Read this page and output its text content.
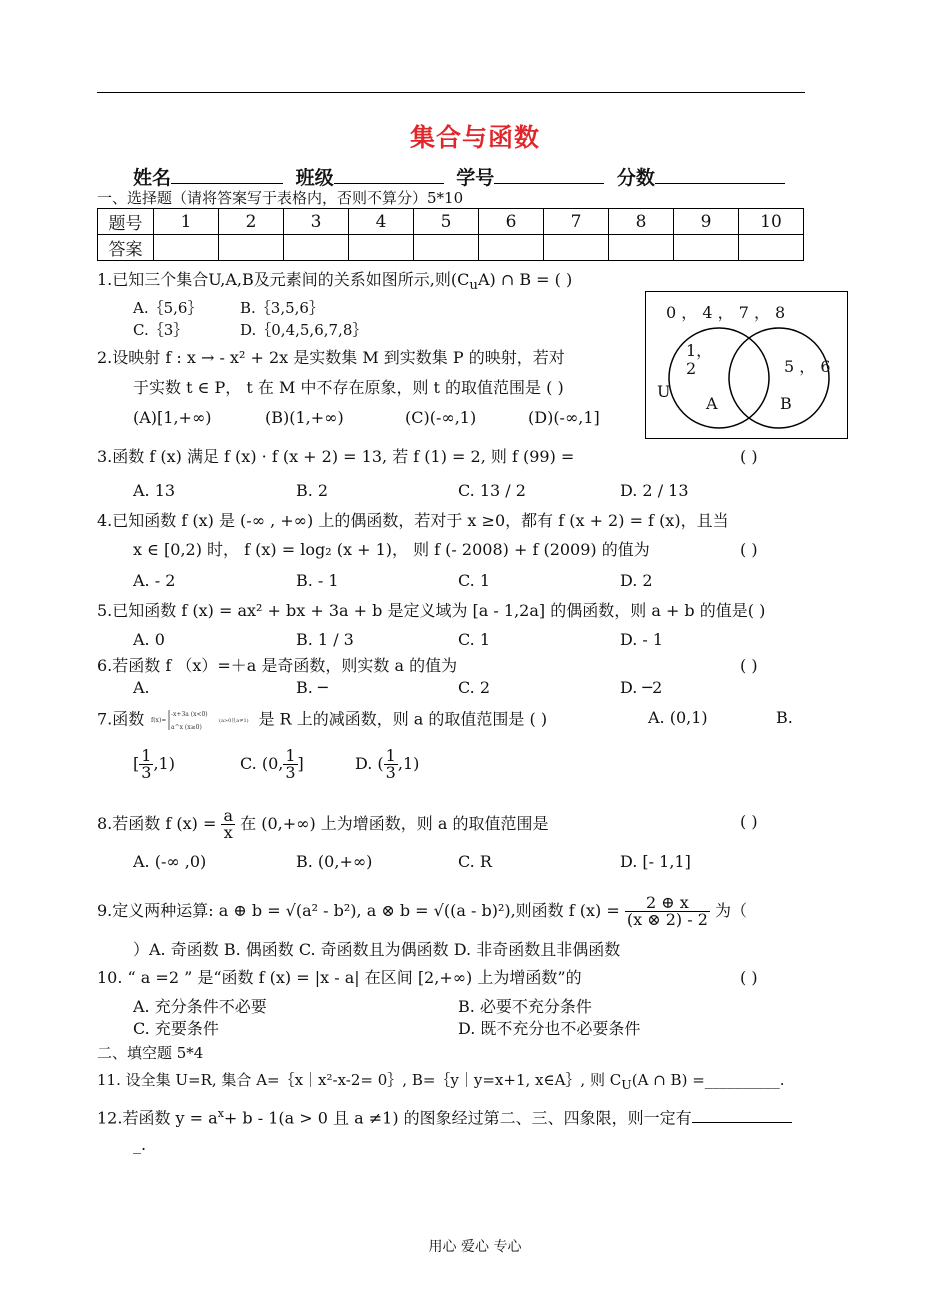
集合与函数
姓名	班级	学号	分数
一、选择题（请将答案写于表格内，否则不算分）5*10
题号	1	2	3	4	5	6	7	8	9	10
答案										
0 ， 4 ， 7 ， 8
1，2	5 ， 6
U
A	B
1.已知三个集合U,A,B及元素间的关系如图所示,则$(C_uA)$ ∩ B = ( )
A.｛5,6｝	B.｛3,5,6｝
C.｛3｝	D.｛0,4,5,6,7,8｝
2.设映射 f : x → - x² + 2x 是实数集 M 到实数集 P 的映射，若对
于实数 t ∈ P， t 在 M 中不存在原象，则 t 的取值范围是 ( )
(A)[1,+∞)	(B)(1,+∞)	(C)(-∞,1)	(D)(-∞,1]
3.函数 f (x) 满足 f (x) · f (x + 2) = 13, 若 f (1) = 2, 则 f (99) =	( )
A. 13	B. 2	C. 13 / 2	D. 2 / 13
4.已知函数 f (x) 是 (-∞ , +∞) 上的偶函数，若对于 x ≥0，都有 f (x + 2) = f (x)，且当
x ∈ [0,2) 时， f (x) = log₂ (x + 1)， 则 f (- 2008) + f (2009) 的值为	( )
A. - 2	B. - 1	C. 1	D. 2
5.已知函数 f (x) = ax² + bx + 3a + b 是定义域为 [a - 1,2a] 的偶函数，则 a + b 的值是( )
A. 0	B. 1 / 3	C. 1	D. - 1
6.若函数 f （x）=＋a 是奇函数，则实数 a 的值为	( )
A.	B. ─	C. 2	D. ─2
7.函数 f(x)=
-x+3a (x<0)
a^x (x≥0)
(a>0且a≠1) 是 R 上的减函数，则 a 的取值范围是 ( )	A. (0,1)	B.
[ $\frac{1}{3} ,1$)	C. (0, $\frac{1}{3}$ ]	D. ( $\frac{1}{3} ,1$)
8.若函数 f $(x) = \frac{a}{x}$ 在 (0,+∞) 上为增函数，则 a 的取值范围是	( )
A. (-∞ ,0)	B. (0,+∞)	C. R	D. [- 1,1]
9.定义两种运算: a ⊕ b = √(a² - b²), a ⊗ b = √((a - b)²),则函数 f $(x) = \frac{2 \oplus x}{(x \otimes 2) - 2}$ 为（
）A. 奇函数 B. 偶函数 C. 奇函数且为偶函数 D. 非奇函数且非偶函数
10. “ a =2 ” 是“函数 f (x) = |x - a| 在区间 [2,+∞) 上为增函数”的	( )
A. 充分条件不必要	B. 必要不充分条件
C. 充要条件	D. 既不充分也不必要条件
二、填空题 5*4
11. 设全集 U=R, 集合 A=｛x｜x²-x-2= 0｝, B=｛y｜y=x+1, x∈A｝, 则 $C_U(A$ ∩ B) =__________.
12.若函数 $y = a^x+ b - 1(a > 0$ 且 a ≠1) 的图象经过第二、三、四象限，则一定有
_.
用心 爱心 专心
